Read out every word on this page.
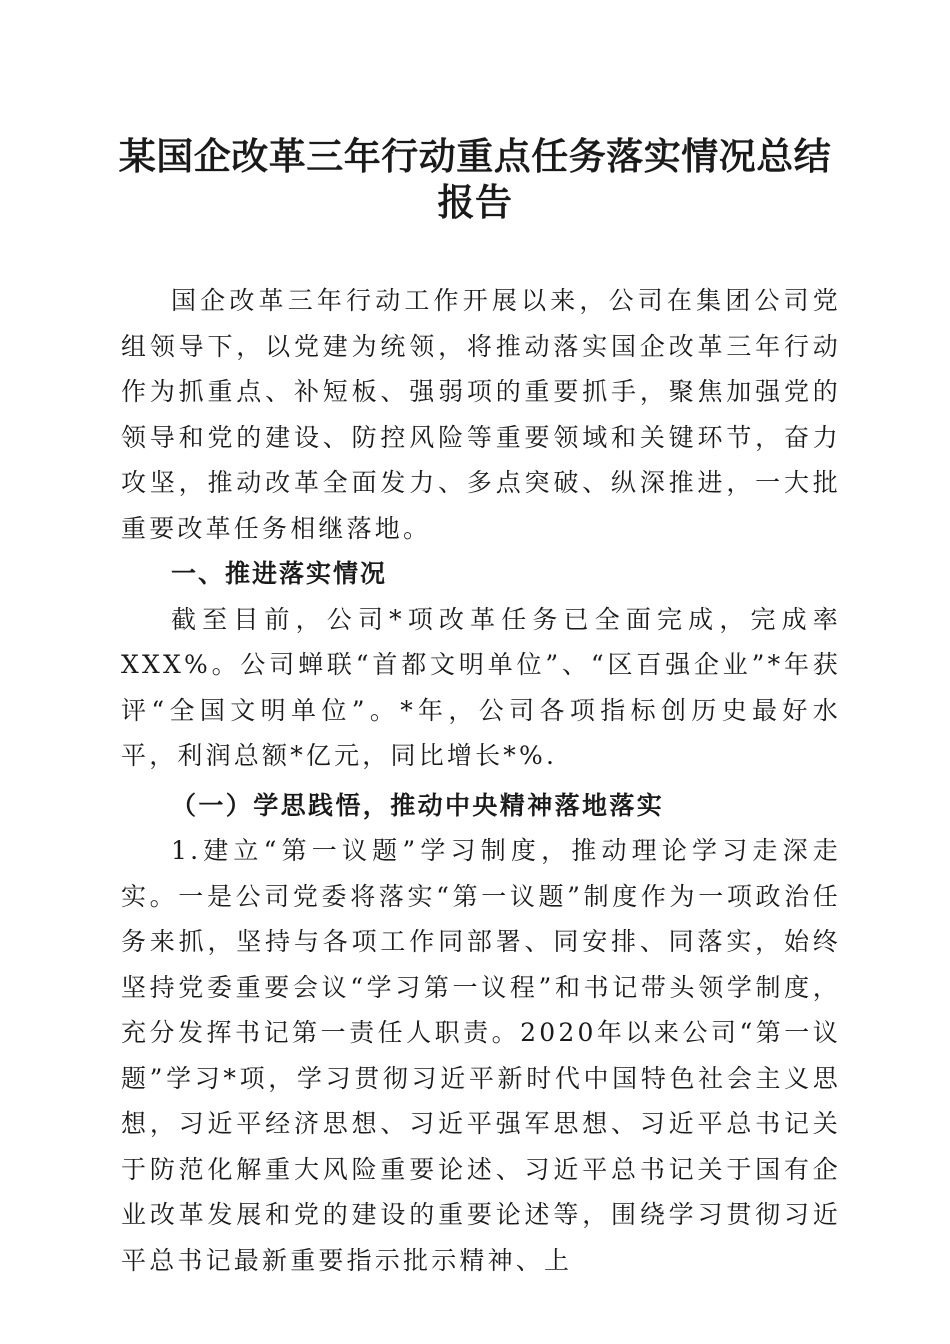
某国企改革三年行动重点任务落实情况总结报告

国企改革三年行动工作开展以来，公司在集团公司党组领导下，以党建为统领，将推动落实国企改革三年行动作为抓重点、补短板、强弱项的重要抓手，聚焦加强党的领导和党的建设、防控风险等重要领域和关键环节，奋力攻坚，推动改革全面发力、多点突破、纵深推进，一大批重要改革任务相继落地。

一、推进落实情况

截至目前，公司*项改革任务已全面完成，完成率XXX%。公司蝉联“首都文明单位”、“区百强企业”*年获评“全国文明单位”。*年，公司各项指标创历史最好水平，利润总额*亿元，同比增长*%.

（一）学思践悟，推动中央精神落地落实

1.建立“第一议题”学习制度，推动理论学习走深走实。一是公司党委将落实“第一议题”制度作为一项政治任务来抓，坚持与各项工作同部署、同安排、同落实，始终坚持党委重要会议“学习第一议程”和书记带头领学制度，充分发挥书记第一责任人职责。2020年以来公司“第一议题”学习*项，学习贯彻习近平新时代中国特色社会主义思想，习近平经济思想、习近平强军思想、习近平总书记关于防范化解重大风险重要论述、习近平总书记关于国有企业改革发展和党的建设的重要论述等，围绕学习贯彻习近平总书记最新重要指示批示精神、上
